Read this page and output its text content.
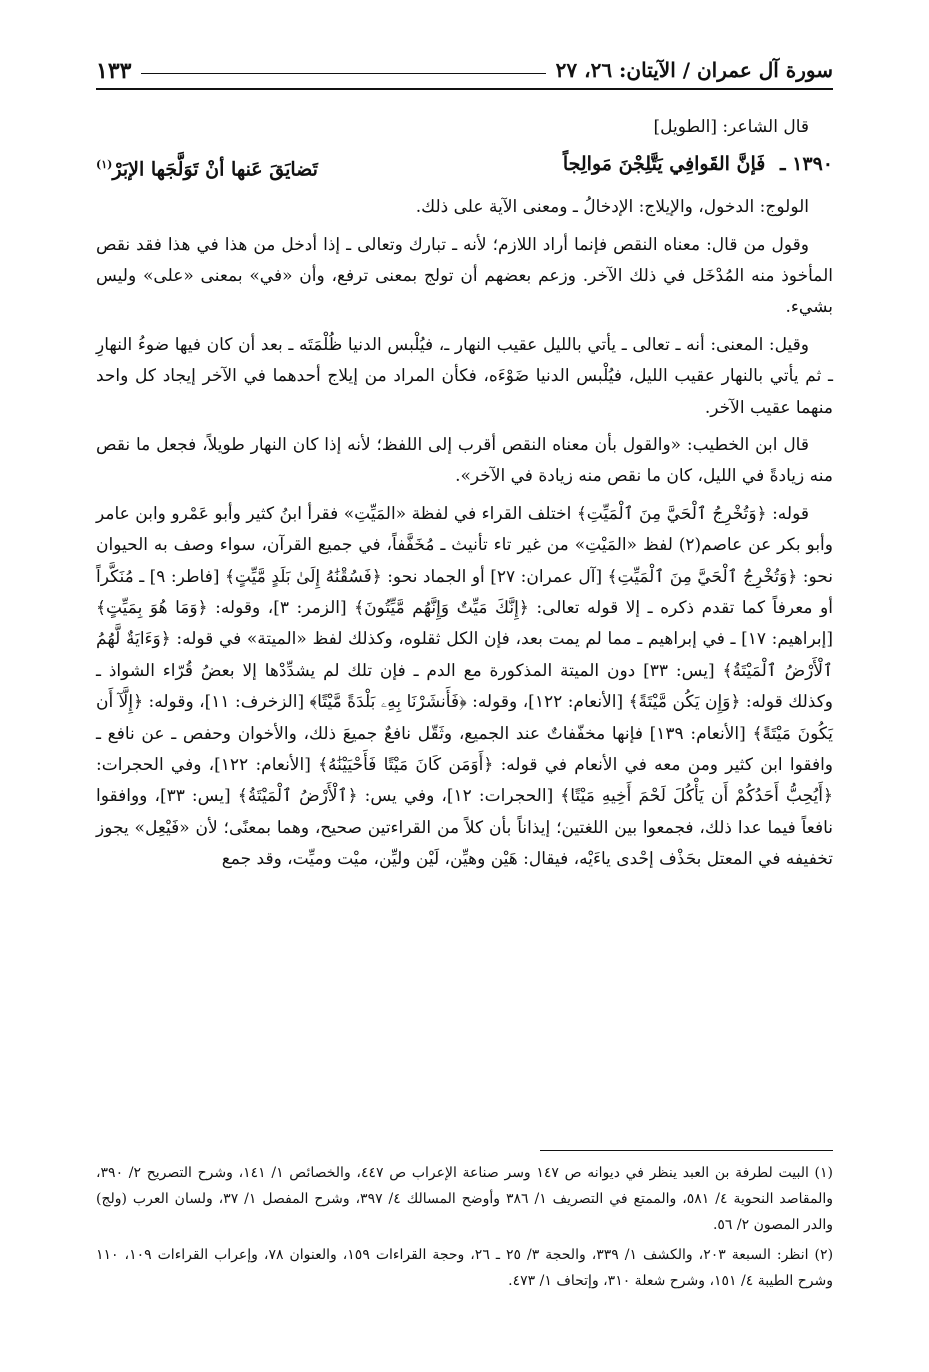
سورة آل عمران / الآيتان: ٢٦، ٢٧
١٣٣

قال الشاعر: [الطويل]

١٣٩٠ ـ فَإنَّ القَوافِي يَتَّلِجْنَ مَوالِجاً
تَضايَقَ عَنها أنْ تَوَلَّجَها الإبَرْ$^{(١)}$

الولوج: الدخول، والإيلاج: الإدخالُ ـ ومعنى الآية على ذلك.

وقول من قال: معناه النقص فإنما أراد اللازم؛ لأنه ـ تبارك وتعالى ـ إذا أدخل من هذا في هذا فقد نقص المأخوذ منه المُدْخَل في ذلك الآخر. وزعم بعضهم أن تولج بمعنى ترفع، وأن «في» بمعنى «على» وليس بشيء.

وقيل: المعنى: أنه ـ تعالى ـ يأتي بالليل عقيب النهار ـ، فيُلْبس الدنيا ظُلْمَتَه ـ بعد أن كان فيها ضوءُ النهارِ ـ ثم يأتي بالنهار عقيب الليل، فيُلْبس الدنيا ضَوْءَه، فكأن المراد من إيلاج أحدهما في الآخر إيجاد كل واحد منهما عقيب الآخر.

قال ابن الخطيب: «والقول بأن معناه النقص أقرب إلى اللفظ؛ لأنه إذا كان النهار طويلاً، فجعل ما نقص منه زيادةً في الليل، كان ما نقص منه زيادة في الآخر».

قوله: ﴿وَتُخْرِجُ ٱلْحَيَّ مِنَ ٱلْمَيِّتِ﴾ اختلف القراء في لفظة «المَيِّتِ» فقرأ ابنُ كثير وأبو عَمْرو وابن عامر وأبو بكر عن عاصم(٢) لفظ «المَيْتِ» من غير تاء تأنيث ـ مُخَفَّفاً، في جميع القرآن، سواء وصف به الحيوان نحو: ﴿وَتُخْرِجُ ٱلْحَيَّ مِنَ ٱلْمَيِّتِ﴾ [آل عمران: ٢٧] أو الجماد نحو: ﴿فَسُقْنَٰهُ إِلَىٰ بَلَدٍ مَّيِّتٍ﴾ [فاطر: ٩] ـ مُنَكَّراً أو معرفاً كما تقدم ذكره ـ إلا قوله تعالى: ﴿إِنَّكَ مَيِّتٌ وَإِنَّهُم مَّيِّتُونَ﴾ [الزمر: ٣]، وقوله: ﴿وَمَا هُوَ بِمَيِّتٍ﴾ [إبراهيم: ١٧] ـ في إبراهيم ـ مما لم يمت بعد، فإن الكل ثقلوه، وكذلك لفظ «الميتة» في قوله: ﴿وَءَايَةٌ لَّهُمُ ٱلْأَرْضُ ٱلْمَيْتَةُ﴾ [يس: ٣٣] دون الميتة المذكورة مع الدم ـ فإن تلك لم يشدِّدْها إلا بعضُ قُرّاء الشواذ ـ وكذلك قوله: ﴿وَإِن يَكُن مَّيْتَةً﴾ [الأنعام: ١٢٢]، وقوله: ﴿فَأَنشَرْنَا بِهِۦ بَلْدَةً مَّيْتًا﴾ [الزخرف: ١١]، وقوله: ﴿إِلَّآ أَن يَكُونَ مَيْتَةً﴾ [الأنعام: ١٣٩] فإنها مخفّفاتٌ عند الجميع، وثَقّل نافعٌ جميعَ ذلك، والأخوان وحفص ـ عن نافع ـ وافقوا ابن كثير ومن معه في الأنعام في قوله: ﴿أَوَمَن كَانَ مَيْتًا فَأَحْيَيْنَٰهُ﴾ [الأنعام: ١٢٢]، وفي الحجرات: ﴿أَيُحِبُّ أَحَدُكُمْ أَن يَأْكُلَ لَحْمَ أَخِيهِ مَيْتًا﴾ [الحجرات: ١٢]، وفي يس: ﴿ٱلْأَرْضُ ٱلْمَيْتَةُ﴾ [يس: ٣٣]، ووافقوا نافعاً فيما عدا ذلك، فجمعوا بين اللغتين؛ إيذاناً بأن كلاً من القراءتين صحيح، وهما بمعنًى؛ لأن «فَيْعِل» يجوز تخفيفه في المعتل بحَذْف إحْدى ياءَيْه، فيقال: هَيْن وهيِّن، لَيْن وليِّن، ميْت وميِّت، وقد جمع

(١) البيت لطرفة بن العبد ينظر في ديوانه ص ١٤٧ وسر صناعة الإعراب ص ٤٤٧، والخصائص ١/ ١٤١، وشرح التصريح ٢/ ٣٩٠، والمقاصد النحوية ٤/ ٥٨١، والممتع في التصريف ١/ ٣٨٦ وأوضح المسالك ٤/ ٣٩٧، وشرح المفصل ١/ ٣٧، ولسان العرب (ولج) والدر المصون ٢/ ٥٦.

(٢) انظر: السبعة ٢٠٣، والكشف ١/ ٣٣٩، والحجة ٣/ ٢٥ ـ ٢٦، وحجة القراءات ١٥٩، والعنوان ٧٨، وإعراب القراءات ١٠٩، ١١٠ وشرح الطيبة ٤/ ١٥١، وشرح شعلة ٣١٠، وإتحاف ١/ ٤٧٣.
